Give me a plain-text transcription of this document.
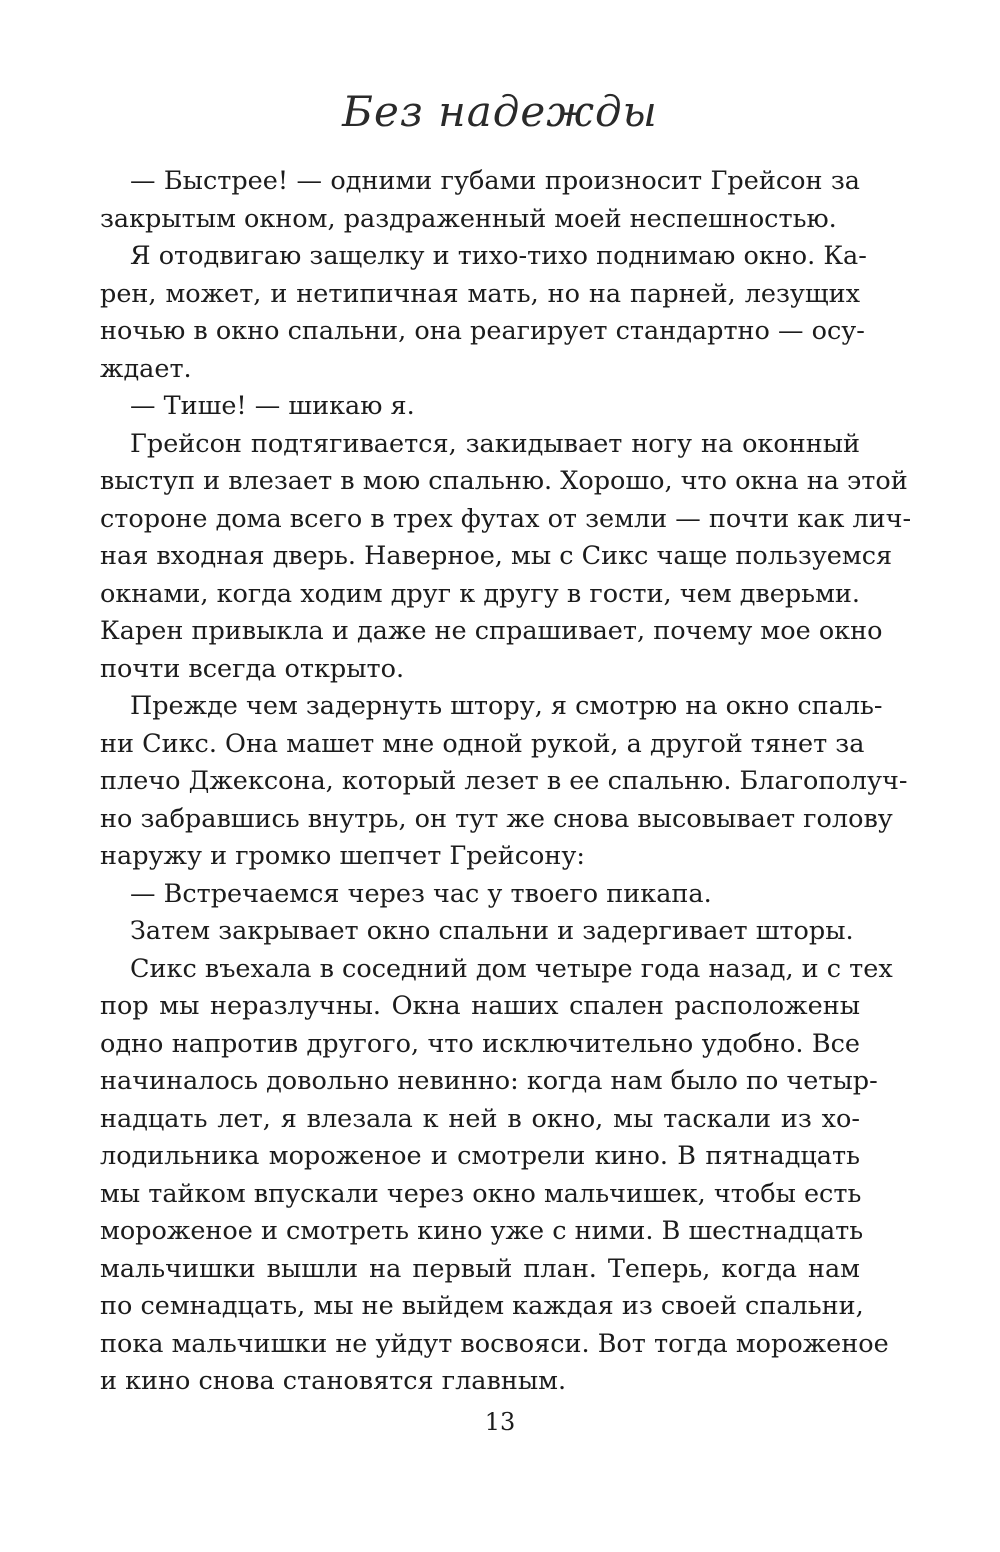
Без надежды
— Быстрее! — одними губами произносит Грейсон за
закрытым окном, раздраженный моей неспешностью.
Я отодвигаю защелку и тихо-тихо поднимаю окно. Ка-
рен, может, и нетипичная мать, но на парней, лезущих
ночью в окно спальни, она реагирует стандартно — осу-
ждает.
— Тише! — шикаю я.
Грейсон подтягивается, закидывает ногу на оконный
выступ и влезает в мою спальню. Хорошо, что окна на этой
стороне дома всего в трех футах от земли — почти как лич-
ная входная дверь. Наверное, мы с Сикс чаще пользуемся
окнами, когда ходим друг к другу в гости, чем дверьми.
Карен привыкла и даже не спрашивает, почему мое окно
почти всегда открыто.
Прежде чем задернуть штору, я смотрю на окно спаль-
ни Сикс. Она машет мне одной рукой, а другой тянет за
плечо Джексона, который лезет в ее спальню. Благополуч-
но забравшись внутрь, он тут же снова высовывает голову
наружу и громко шепчет Грейсону:
— Встречаемся через час у твоего пикапа.
Затем закрывает окно спальни и задергивает шторы.
Сикс въехала в соседний дом четыре года назад, и с тех
пор мы неразлучны. Окна наших спален расположены
одно напротив другого, что исключительно удобно. Все
начиналось довольно невинно: когда нам было по четыр-
надцать лет, я влезала к ней в окно, мы таскали из хо-
лодильника мороженое и смотрели кино. В пятнадцать
мы тайком впускали через окно мальчишек, чтобы есть
мороженое и смотреть кино уже с ними. В шестнадцать
мальчишки вышли на первый план. Теперь, когда нам
по семнадцать, мы не выйдем каждая из своей спальни,
пока мальчишки не уйдут восвояси. Вот тогда мороженое
и кино снова становятся главным.
13
